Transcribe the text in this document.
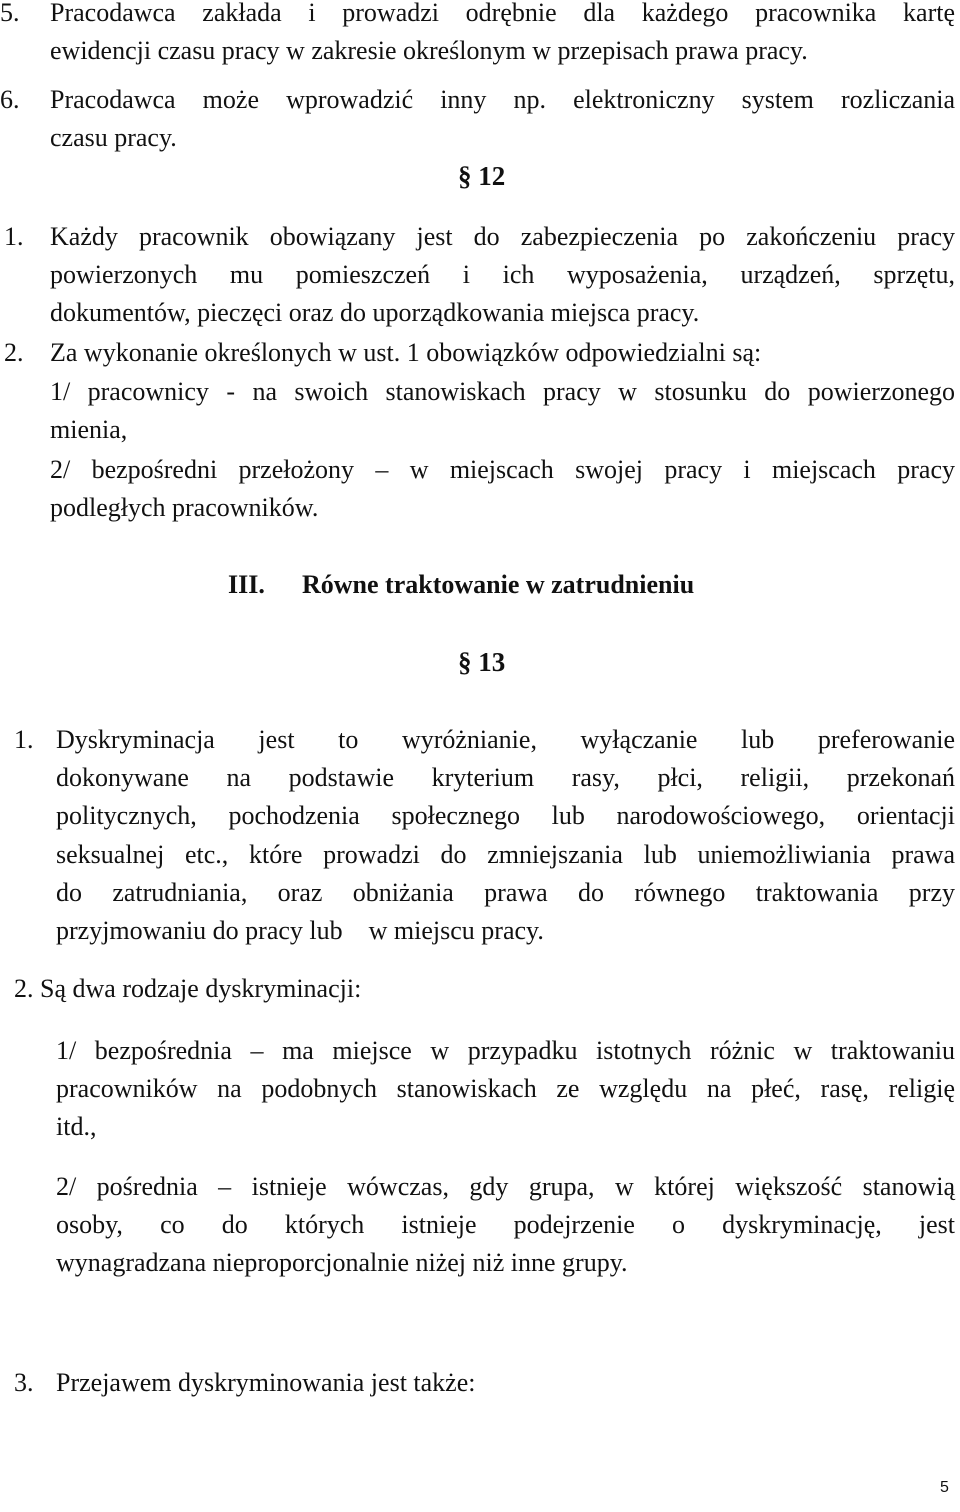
5. Pracodawca zakłada i prowadzi odrębnie dla każdego pracownika kartę
ewidencji czasu pracy w zakresie określonym w przepisach prawa pracy.
6. Pracodawca może wprowadzić inny np. elektroniczny system rozliczania
czasu pracy.
§ 12
1. Każdy pracownik obowiązany jest do zabezpieczenia po zakończeniu pracy
powierzonych mu pomieszczeń i ich wyposażenia, urządzeń, sprzętu,
dokumentów, pieczęci oraz do uporządkowania miejsca pracy.
2. Za wykonanie określonych w ust. 1 obowiązków odpowiedzialni są:
1/ pracownicy - na swoich stanowiskach pracy w stosunku do powierzonego
mienia,
2/ bezpośredni przełożony – w miejscach swojej pracy i miejscach pracy
podległych pracowników.
III. Równe traktowanie w zatrudnieniu
§ 13
1. Dyskryminacja jest to wyróżnianie, wyłączanie lub preferowanie
dokonywane na podstawie kryterium rasy, płci, religii, przekonań
politycznych, pochodzenia społecznego lub narodowościowego, orientacji
seksualnej etc., które prowadzi do zmniejszania lub uniemożliwiania prawa
do zatrudniania, oraz obniżania prawa do równego traktowania przy
przyjmowaniu do pracy lub    w miejscu pracy.
2. Są dwa rodzaje dyskryminacji:
1/ bezpośrednia – ma miejsce w przypadku istotnych różnic w traktowaniu
pracowników na podobnych stanowiskach ze względu na płeć, rasę, religię
itd.,
2/ pośrednia – istnieje wówczas, gdy grupa, w której większość stanowią
osoby, co do których istnieje podejrzenie o dyskryminację, jest
wynagradzana nieproporcjonalnie niżej niż inne grupy.
3. Przejawem dyskryminowania jest także:
5
